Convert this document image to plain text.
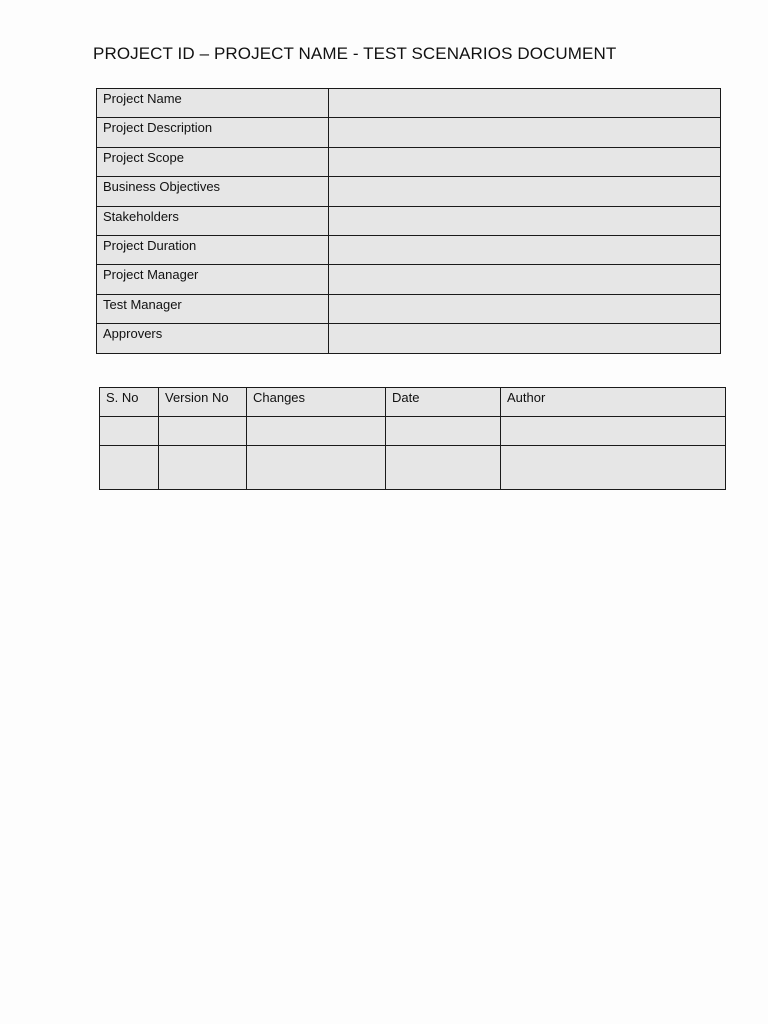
PROJECT ID – PROJECT NAME - TEST SCENARIOS DOCUMENT
Project Name	
Project Description	
Project Scope	
Business Objectives	
Stakeholders	
Project Duration	
Project Manager	
Test Manager	
Approvers	
S. No	Version No	Changes	Date	Author
